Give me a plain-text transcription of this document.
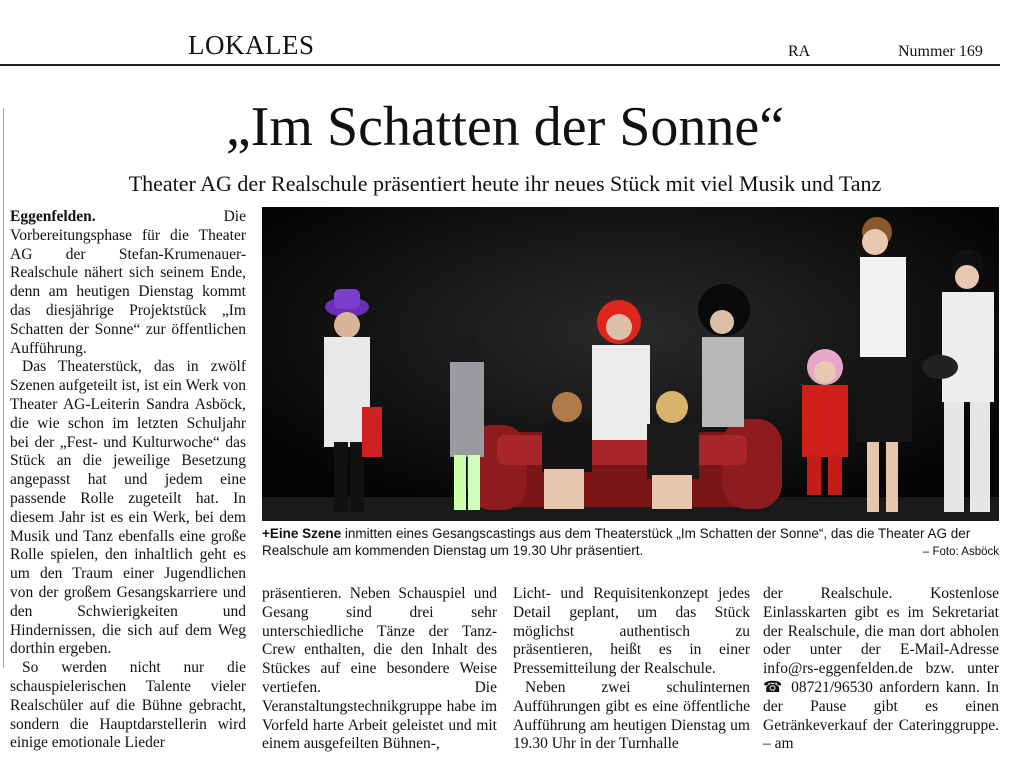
LOKALES	RA	Nummer 169
„Im Schatten der Sonne“
Theater AG der Realschule präsentiert heute ihr neues Stück mit viel Musik und Tanz

Eggenfelden.	Die Vorbereitungsphase für die Theater AG der Stefan-Krumenauer-Realschule nähert sich seinem Ende, denn am heutigen Dienstag kommt das diesjährige Projektstück „Im Schatten der Sonne“ zur öffentlichen Aufführung.

Das Theaterstück, das in zwölf Szenen aufgeteilt ist, ist ein Werk von Theater AG-Leiterin Sandra Asböck, die wie schon im letzten Schuljahr bei der „Fest- und Kulturwoche“ das Stück an die jeweilige Besetzung angepasst hat und jedem eine passende Rolle zugeteilt hat. In diesem Jahr ist es ein Werk, bei dem Musik und Tanz ebenfalls eine große Rolle spielen, den inhaltlich geht es um den Traum einer Jugendlichen von der großem Gesangskarriere und den Schwierigkeiten und Hindernissen, die sich auf dem Weg dorthin ergeben.

So werden nicht nur die schauspielerischen Talente vieler Realschüler auf die Bühne gebracht, sondern die Hauptdarstellerin wird einige emotionale Lieder

+Eine Szene inmitten eines Gesangscastings aus dem Theaterstück „Im Schatten der Sonne“, das die Theater AG der Realschule am kommenden Dienstag um 19.30 Uhr präsentiert.	– Foto: Asböck

präsentieren. Neben Schauspiel und Gesang sind drei sehr unterschiedliche Tänze der Tanz-Crew enthalten, die den Inhalt des Stückes auf eine besondere Weise vertiefen. Die Veranstaltungstechnikgruppe habe im Vorfeld harte Arbeit geleistet und mit einem ausgefeilten Bühnen-,

Licht- und Requisitenkonzept jedes Detail geplant, um das Stück möglichst authentisch zu präsentieren, heißt es in einer Pressemitteilung der Realschule.

Neben zwei schulinternen Aufführungen gibt es eine öffentliche Aufführung am heutigen Dienstag um 19.30 Uhr in der Turnhalle

der Realschule. Kostenlose Einlasskarten gibt es im Sekretariat der Realschule, die man dort abholen oder unter der E-Mail-Adresse info@rs-eggenfelden.de bzw. unter ☎ 08721/96530 anfordern kann. In der Pause gibt es einen Getränkeverkauf der Cateringgruppe. – am
